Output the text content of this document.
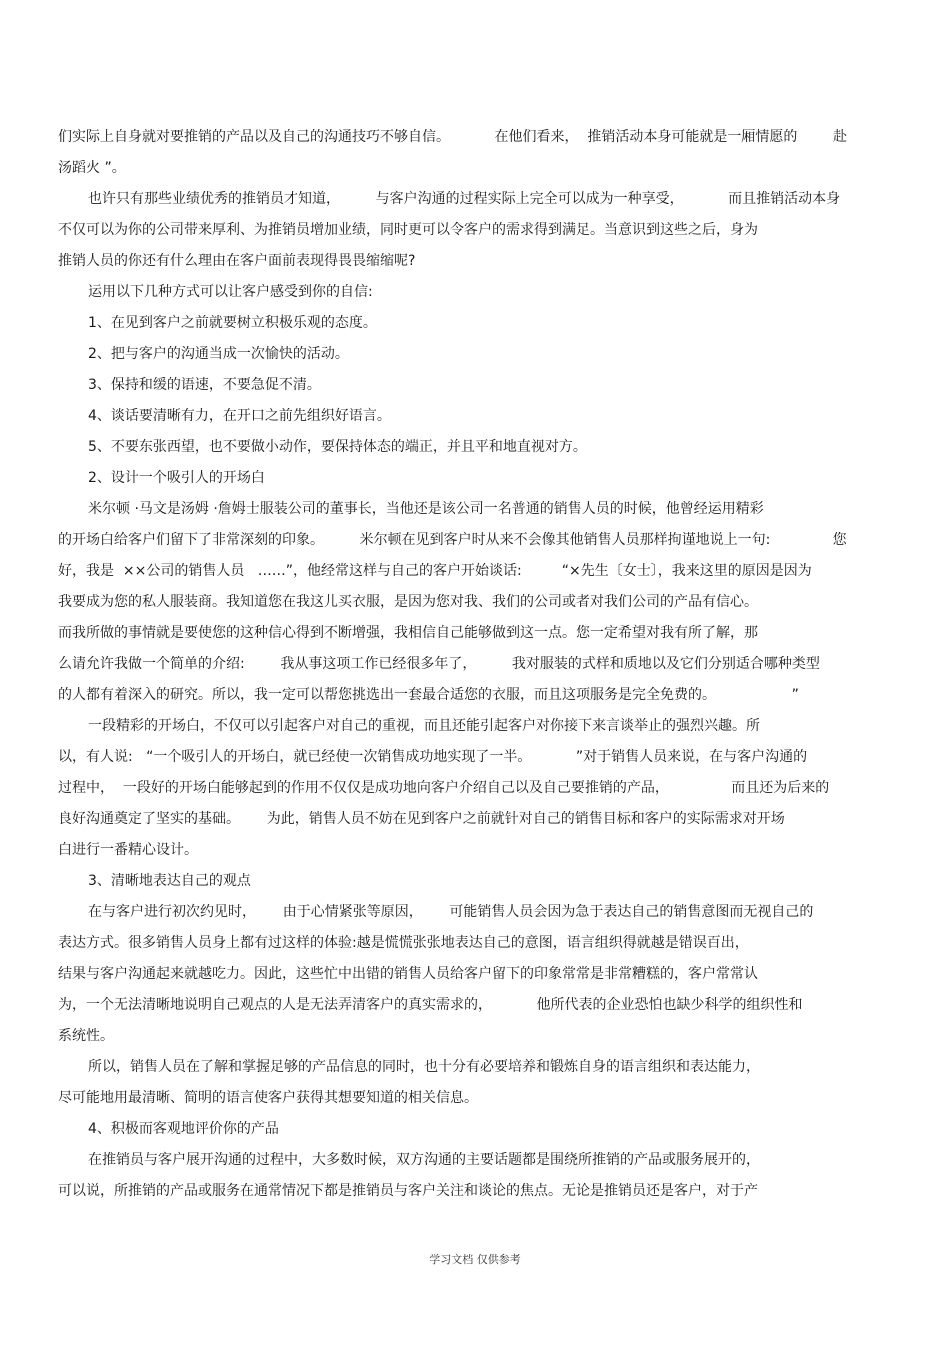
们实际上自身就对要推销的产品以及自己的沟通技巧不够自信。          在他们看来，  推销活动本身可能就是一厢情愿的        赴
汤蹈火 ”。
也许只有那些业绩优秀的推销员才知道，        与客户沟通的过程实际上完全可以成为一种享受，          而且推销活动本身
不仅可以为你的公司带来厚利、为推销员增加业绩，同时更可以令客户的需求得到满足。当意识到这些之后，身为
推销人员的你还有什么理由在客户面前表现得畏畏缩缩呢?
运用以下几种方式可以让客户感受到你的自信:
1、在见到客户之前就要树立积极乐观的态度。
2、把与客户的沟通当成一次愉快的活动。
3、保持和缓的语速，不要急促不清。
4、谈话要清晰有力，在开口之前先组织好语言。
5、不要东张西望，也不要做小动作，要保持体态的端正，并且平和地直视对方。
2、设计一个吸引人的开场白
米尔顿 ·马文是汤姆 ·詹姆士服装公司的董事长，当他还是该公司一名普通的销售人员的时候，他曾经运用精彩
的开场白给客户们留下了非常深刻的印象。        米尔顿在见到客户时从来不会像其他销售人员那样拘谨地说上一句:              您
好，我是  ××公司的销售人员   ……”，他经常这样与自己的客户开始谈话:         “×先生〔女士〕，我来这里的原因是因为
我要成为您的私人服装商。我知道您在我这儿买衣服，是因为您对我、我们的公司或者对我们公司的产品有信心。
而我所做的事情就是要使您的这种信心得到不断增强，我相信自己能够做到这一点。您一定希望对我有所了解，那
么请允许我做一个简单的介绍:        我从事这项工作已经很多年了，        我对服装的式样和质地以及它们分别适合哪种类型
的人都有着深入的研究。所以，我一定可以帮您挑选出一套最合适您的衣服，而且这项服务是完全免费的。                 ”
一段精彩的开场白，不仅可以引起客户对自己的重视，而且还能引起客户对你接下来言谈举止的强烈兴趣。所
以，有人说:   “一个吸引人的开场白，就已经使一次销售成功地实现了一半。          ”对于销售人员来说，在与客户沟通的
过程中，  一段好的开场白能够起到的作用不仅仅是成功地向客户介绍自己以及自己要推销的产品，              而且还为后来的
良好沟通奠定了坚实的基础。      为此，销售人员不妨在见到客户之前就针对自己的销售目标和客户的实际需求对开场
白进行一番精心设计。
3、清晰地表达自己的观点
在与客户进行初次约见时，      由于心情紧张等原因，      可能销售人员会因为急于表达自己的销售意图而无视自己的
表达方式。很多销售人员身上都有过这样的体验:越是慌慌张张地表达自己的意图，语言组织得就越是错误百出，
结果与客户沟通起来就越吃力。因此，这些忙中出错的销售人员给客户留下的印象常常是非常糟糕的，客户常常认
为，一个无法清晰地说明自己观点的人是无法弄清客户的真实需求的，          他所代表的企业恐怕也缺少科学的组织性和
系统性。
所以，销售人员在了解和掌握足够的产品信息的同时，也十分有必要培养和锻炼自身的语言组织和表达能力，
尽可能地用最清晰、简明的语言使客户获得其想要知道的相关信息。
4、积极而客观地评价你的产品
在推销员与客户展开沟通的过程中，大多数时候，双方沟通的主要话题都是围绕所推销的产品或服务展开的，
可以说，所推销的产品或服务在通常情况下都是推销员与客户关注和谈论的焦点。无论是推销员还是客户，对于产
学习文档 仅供参考
